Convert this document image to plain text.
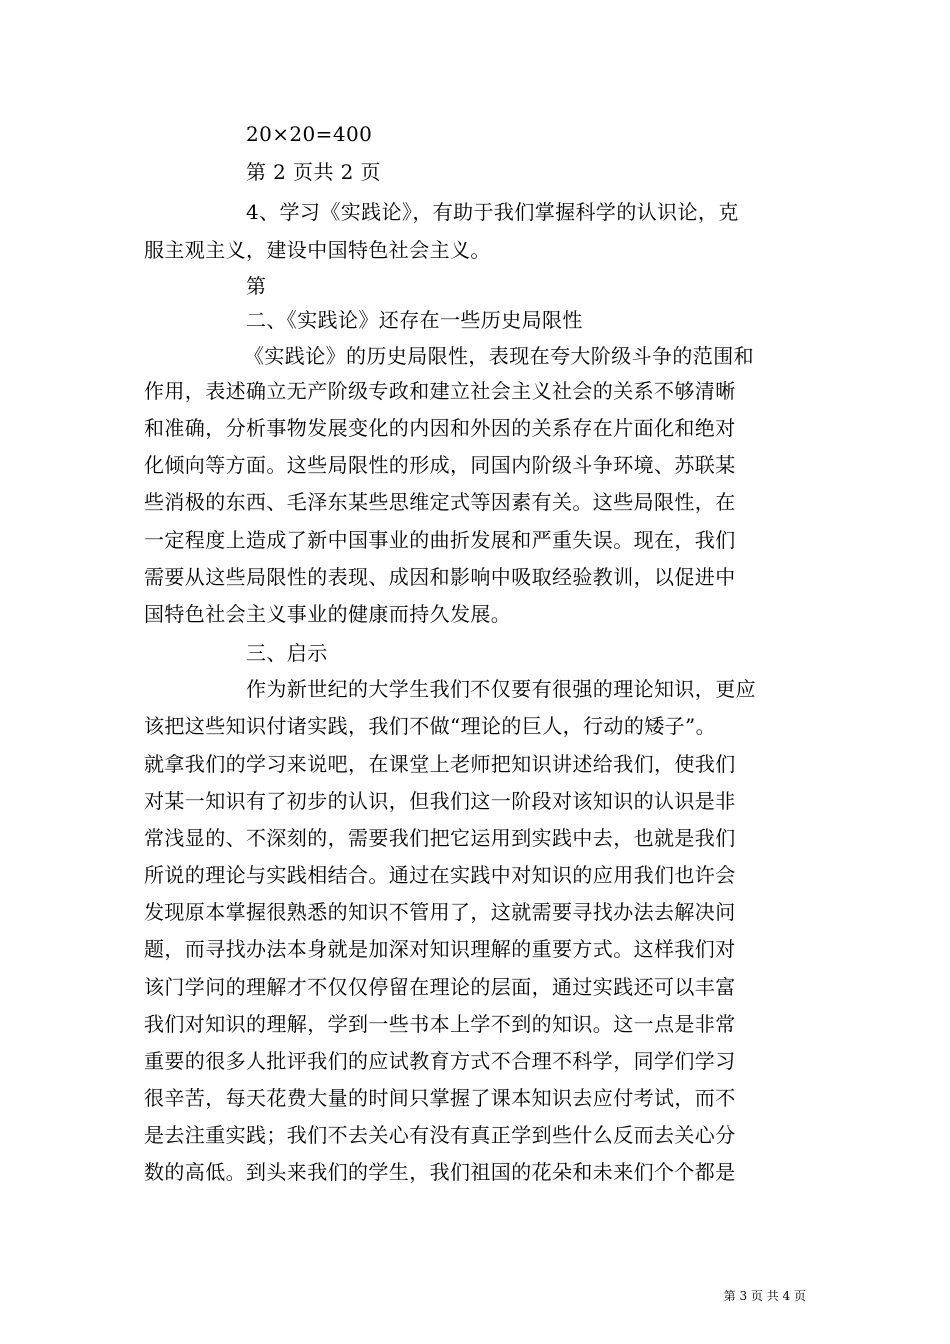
20×20=400
第 2 页共 2 页
4、学习《实践论》，有助于我们掌握科学的认识论，克
服主观主义，建设中国特色社会主义。
第
二、《实践论》还存在一些历史局限性
《实践论》的历史局限性，表现在夸大阶级斗争的范围和
作用，表述确立无产阶级专政和建立社会主义社会的关系不够清晰
和准确，分析事物发展变化的内因和外因的关系存在片面化和绝对
化倾向等方面。这些局限性的形成，同国内阶级斗争环境、苏联某
些消极的东西、毛泽东某些思维定式等因素有关。这些局限性，在
一定程度上造成了新中国事业的曲折发展和严重失误。现在，我们
需要从这些局限性的表现、成因和影响中吸取经验教训，以促进中
国特色社会主义事业的健康而持久发展。
三、启示
作为新世纪的大学生我们不仅要有很强的理论知识，更应
该把这些知识付诸实践，我们不做“理论的巨人，行动的矮子”。
就拿我们的学习来说吧，在课堂上老师把知识讲述给我们，使我们
对某一知识有了初步的认识，但我们这一阶段对该知识的认识是非
常浅显的、不深刻的，需要我们把它运用到实践中去，也就是我们
所说的理论与实践相结合。通过在实践中对知识的应用我们也许会
发现原本掌握很熟悉的知识不管用了，这就需要寻找办法去解决问
题，而寻找办法本身就是加深对知识理解的重要方式。这样我们对
该门学问的理解才不仅仅停留在理论的层面，通过实践还可以丰富
我们对知识的理解，学到一些书本上学不到的知识。这一点是非常
重要的很多人批评我们的应试教育方式不合理不科学，同学们学习
很辛苦，每天花费大量的时间只掌握了课本知识去应付考试，而不
是去注重实践；我们不去关心有没有真正学到些什么反而去关心分
数的高低。到头来我们的学生，我们祖国的花朵和未来们个个都是
第 3 页 共 4 页
